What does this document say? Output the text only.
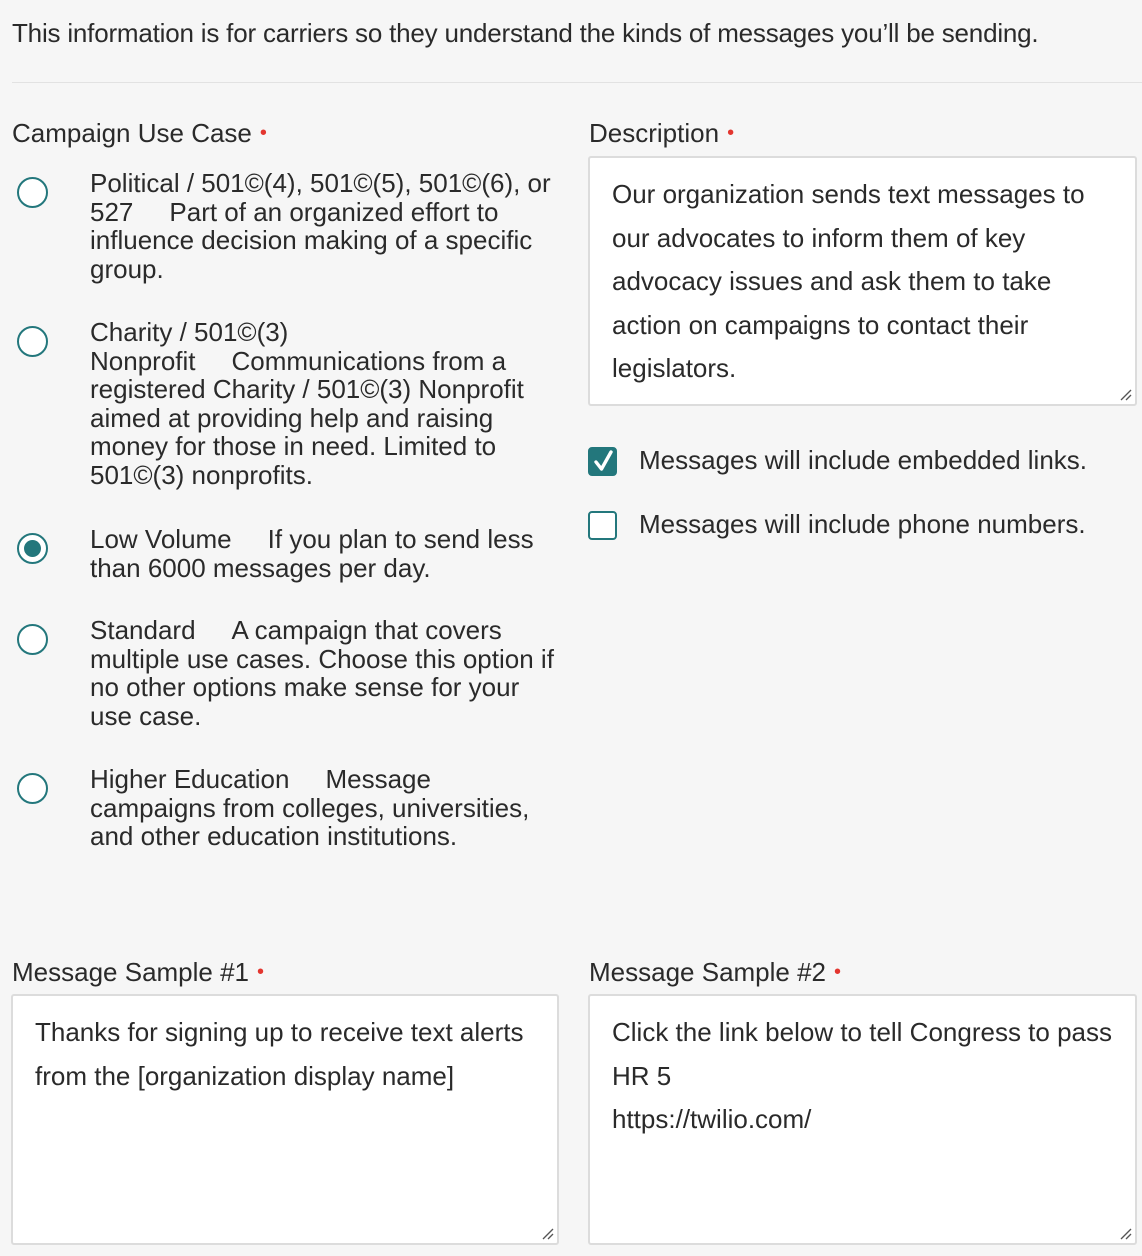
This information is for carriers so they understand the kinds of messages you’ll be sending.
Campaign Use Case •
Political / 501©(4), 501©(5), 501©(6), or 527 Part of an organized effort to influence decision making of a specific group.
Charity / 501©(3) Nonprofit Communications from a registered Charity / 501©(3) Nonprofit aimed at providing help and raising money for those in need. Limited to 501©(3) nonprofits.
Low Volume If you plan to send less than 6000 messages per day.
Standard A campaign that covers multiple use cases. Choose this option if no other options make sense for your use case.
Higher Education Message campaigns from colleges, universities, and other education institutions.
Description •
Our organization sends text messages to our advocates to inform them of key advocacy issues and ask them to take action on campaigns to contact their legislators.
Messages will include embedded links.
Messages will include phone numbers.
Message Sample #1 •
Thanks for signing up to receive text alerts from the [organization display name]
Message Sample #2 •
Click the link below to tell Congress to pass HR 5
https://twilio.com/
